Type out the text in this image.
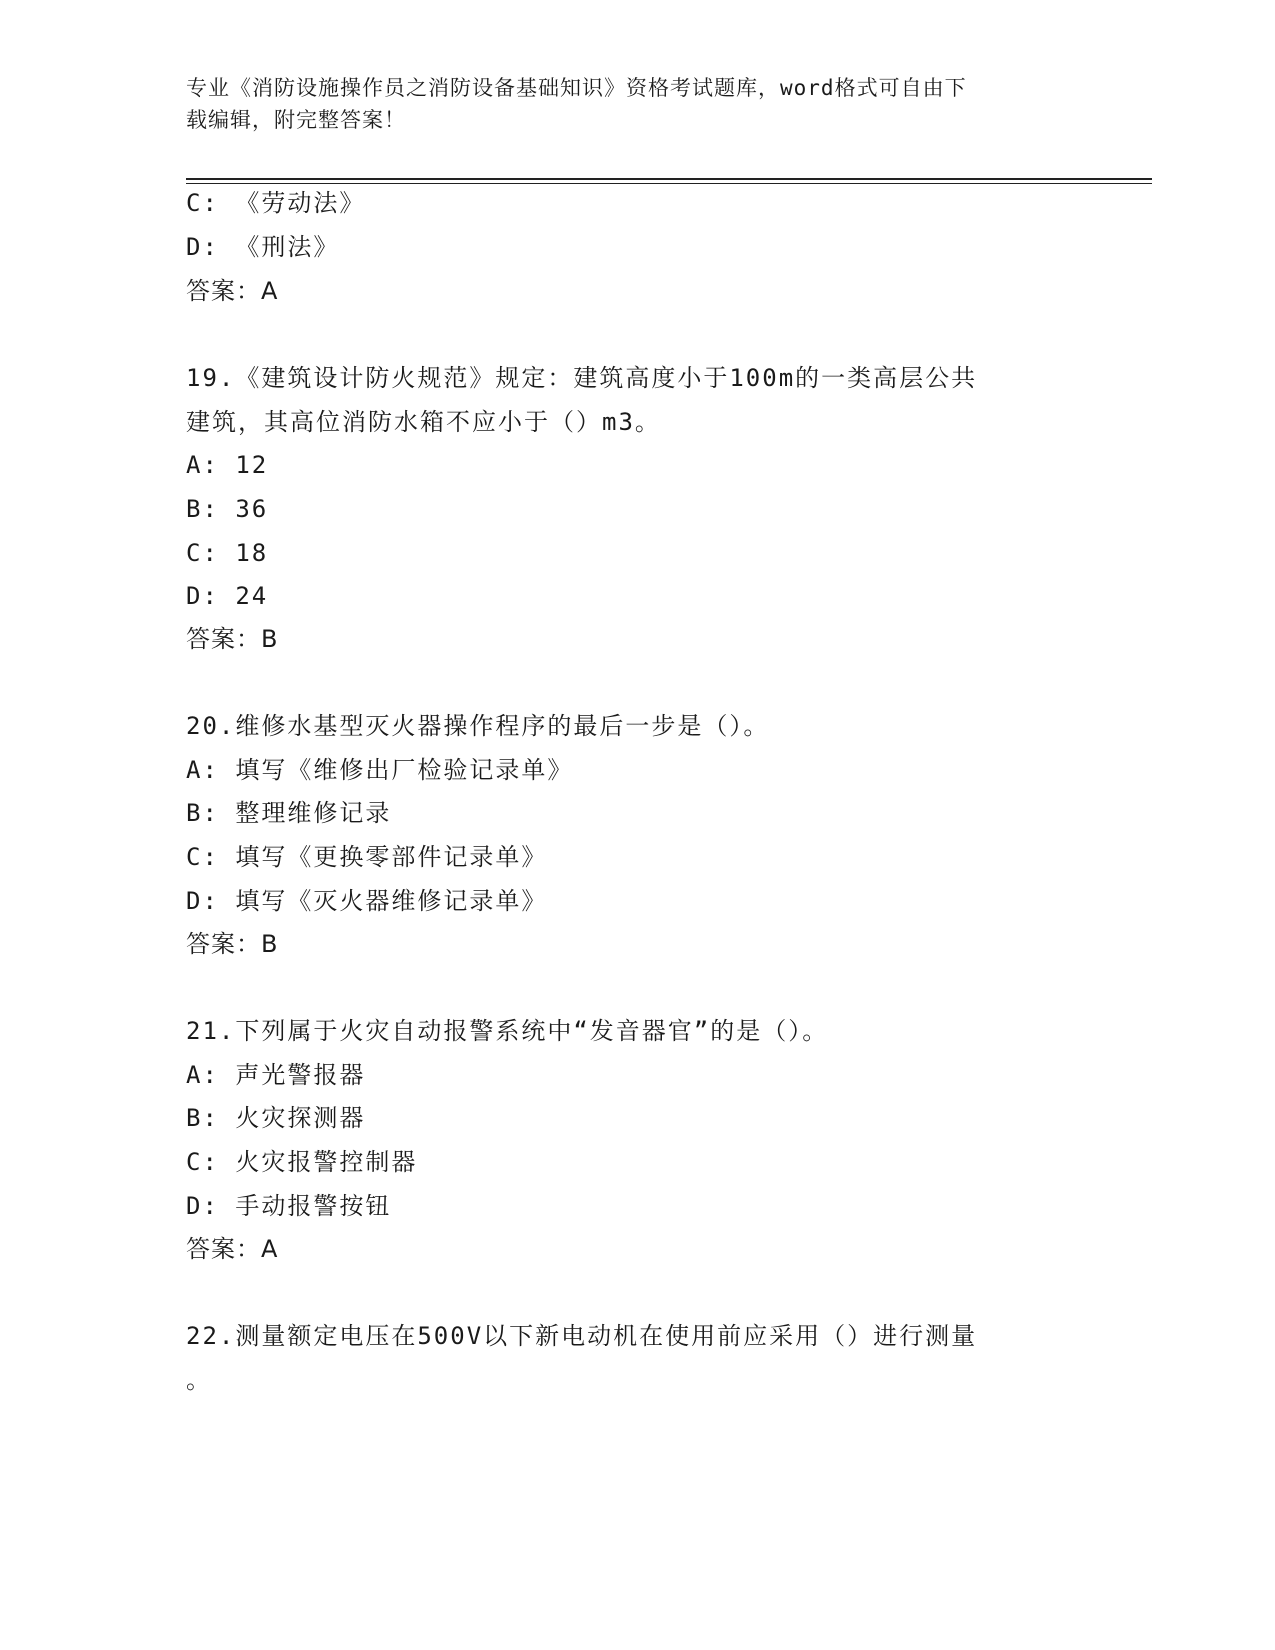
专业《消防设施操作员之消防设备基础知识》资格考试题库，word格式可自由下
载编辑，附完整答案！
C: 《劳动法》
D: 《刑法》
答案：A
19.《建筑设计防火规范》规定：建筑高度小于100m的一类高层公共
建筑，其高位消防水箱不应小于（）m3。
A: 12
B: 36
C: 18
D: 24
答案：B
20.维修水基型灭火器操作程序的最后一步是（）。
A: 填写《维修出厂检验记录单》
B: 整理维修记录
C: 填写《更换零部件记录单》
D: 填写《灭火器维修记录单》
答案：B
21.下列属于火灾自动报警系统中“发音器官”的是（）。
A: 声光警报器
B: 火灾探测器
C: 火灾报警控制器
D: 手动报警按钮
答案：A
22.测量额定电压在500V以下新电动机在使用前应采用（）进行测量
。
